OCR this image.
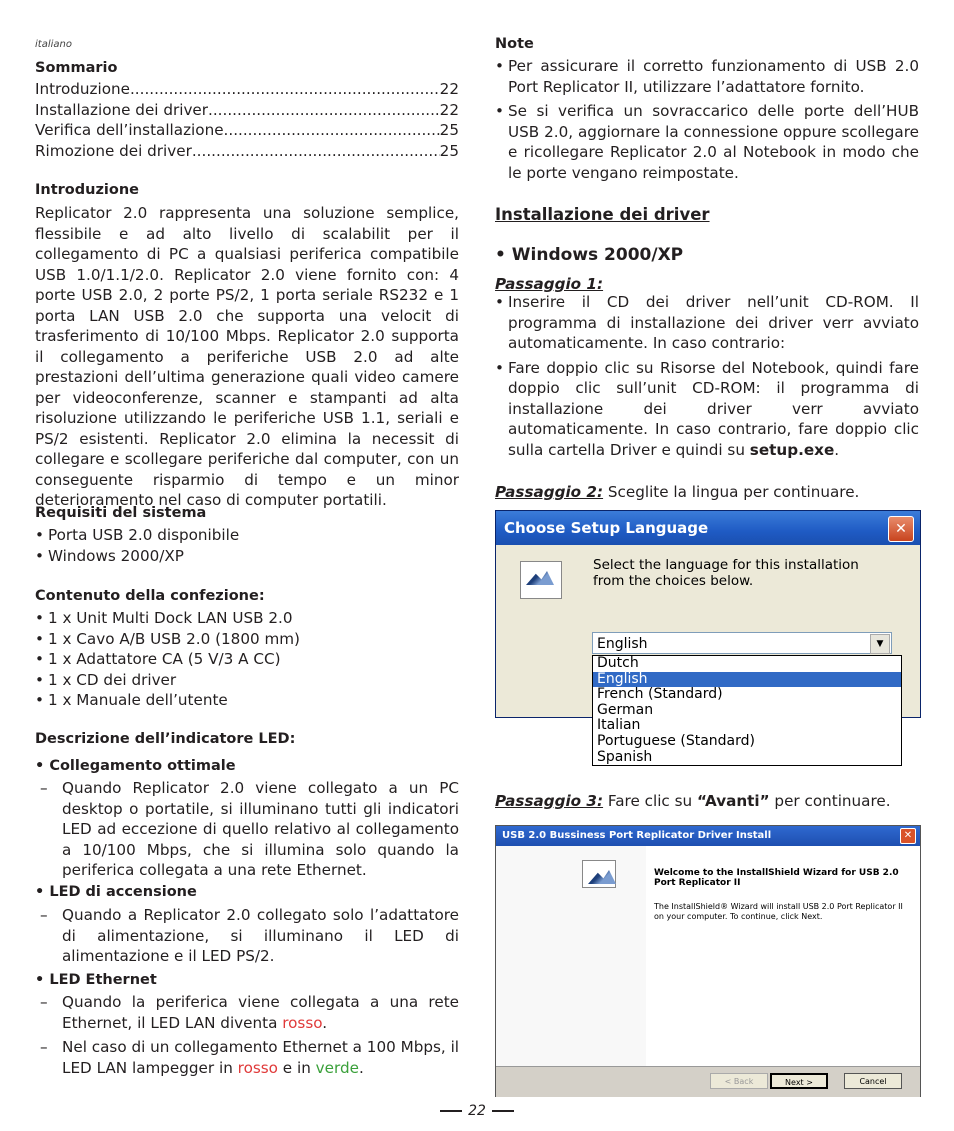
italiano
Sommario
Introduzione .....	22
Installazione dei driver .....	22
Verifica dell’installazione .....	25
Rimozione dei driver .....	25
Introduzione

Replicator 2.0 rappresenta una soluzione semplice, flessibile e ad alto livello di scalabilit per il collegamento di PC a qualsiasi periferica compatibile USB 1.0/1.1/2.0. Replicator 2.0 viene fornito con: 4 porte USB 2.0, 2 porte PS/2, 1 porta seriale RS232 e 1 porta LAN USB 2.0 che supporta una velocit di trasferimento di 10/100 Mbps. Replicator 2.0 supporta il collegamento a periferiche USB 2.0 ad alte prestazioni dell’ultima generazione quali video camere per videoconferenze, scanner e stampanti ad alta risoluzione utilizzando le periferiche USB 1.1, seriali e PS/2 esistenti. Replicator 2.0 elimina la necessit di collegare e scollegare periferiche dal computer, con un conseguente risparmio di tempo e un minor deterioramento nel caso di computer portatili.

Requisiti del sistema
• Porta USB 2.0 disponibile
• Windows 2000/XP
Contenuto della confezione:
• 1 x Unit Multi Dock LAN USB 2.0
• 1 x Cavo A/B USB 2.0 (1800 mm)
• 1 x Adattatore CA (5 V/3 A CC)
• 1 x CD dei driver
• 1 x Manuale dell’utente
Descrizione dell’indicatore LED:
• Collegamento ottimale
– Quando Replicator 2.0 viene collegato a un PC desktop o portatile, si illuminano tutti gli indicatori LED ad eccezione di quello relativo al collegamento a 10/100 Mbps, che si illumina solo quando la periferica collegata a una rete Ethernet.
• LED di accensione
– Quando a Replicator 2.0 collegato solo l’adattatore di alimentazione, si illuminano il LED di alimentazione e il LED PS/2.
• LED Ethernet
– Quando la periferica viene collegata a una rete Ethernet, il LED LAN diventa rosso.
– Nel caso di un collegamento Ethernet a 100 Mbps, il LED LAN lampegger in rosso e in verde.
Note
• Per assicurare il corretto funzionamento di USB 2.0 Port Replicator II, utilizzare l’adattatore fornito.
• Se si verifica un sovraccarico delle porte dell’HUB USB 2.0, aggiornare la connessione oppure scollegare e ricollegare Replicator 2.0 al Notebook in modo che le porte vengano reimpostate.
Installazione dei driver
• Windows 2000/XP
Passaggio 1:
• Inserire il CD dei driver nell’unit CD-ROM. Il programma di installazione dei driver verr avviato automaticamente. In caso contrario:
• Fare doppio clic su Risorse del Notebook, quindi fare doppio clic sull’unit CD-ROM: il programma di installazione dei driver verr avviato automaticamente. In caso contrario, fare doppio clic sulla cartella Driver e quindi su setup.exe.
Passaggio 2: Sceglite la lingua per continuare.
Passaggio 3: Fare clic su “Avanti” per continuare.
Choose Setup Language	✕
Select the language for this installation from the choices below.
English	▼
Dutch
English
French (Standard)
German
Italian
Portuguese (Standard)
Spanish
USB 2.0 Bussiness Port Replicator Driver Install	✕
Welcome to the InstallShield Wizard for USB 2.0 Port Replicator II
The InstallShield® Wizard will install USB 2.0 Port Replicator II on your computer. To continue, click Next.
< Back	Next >	Cancel
22
